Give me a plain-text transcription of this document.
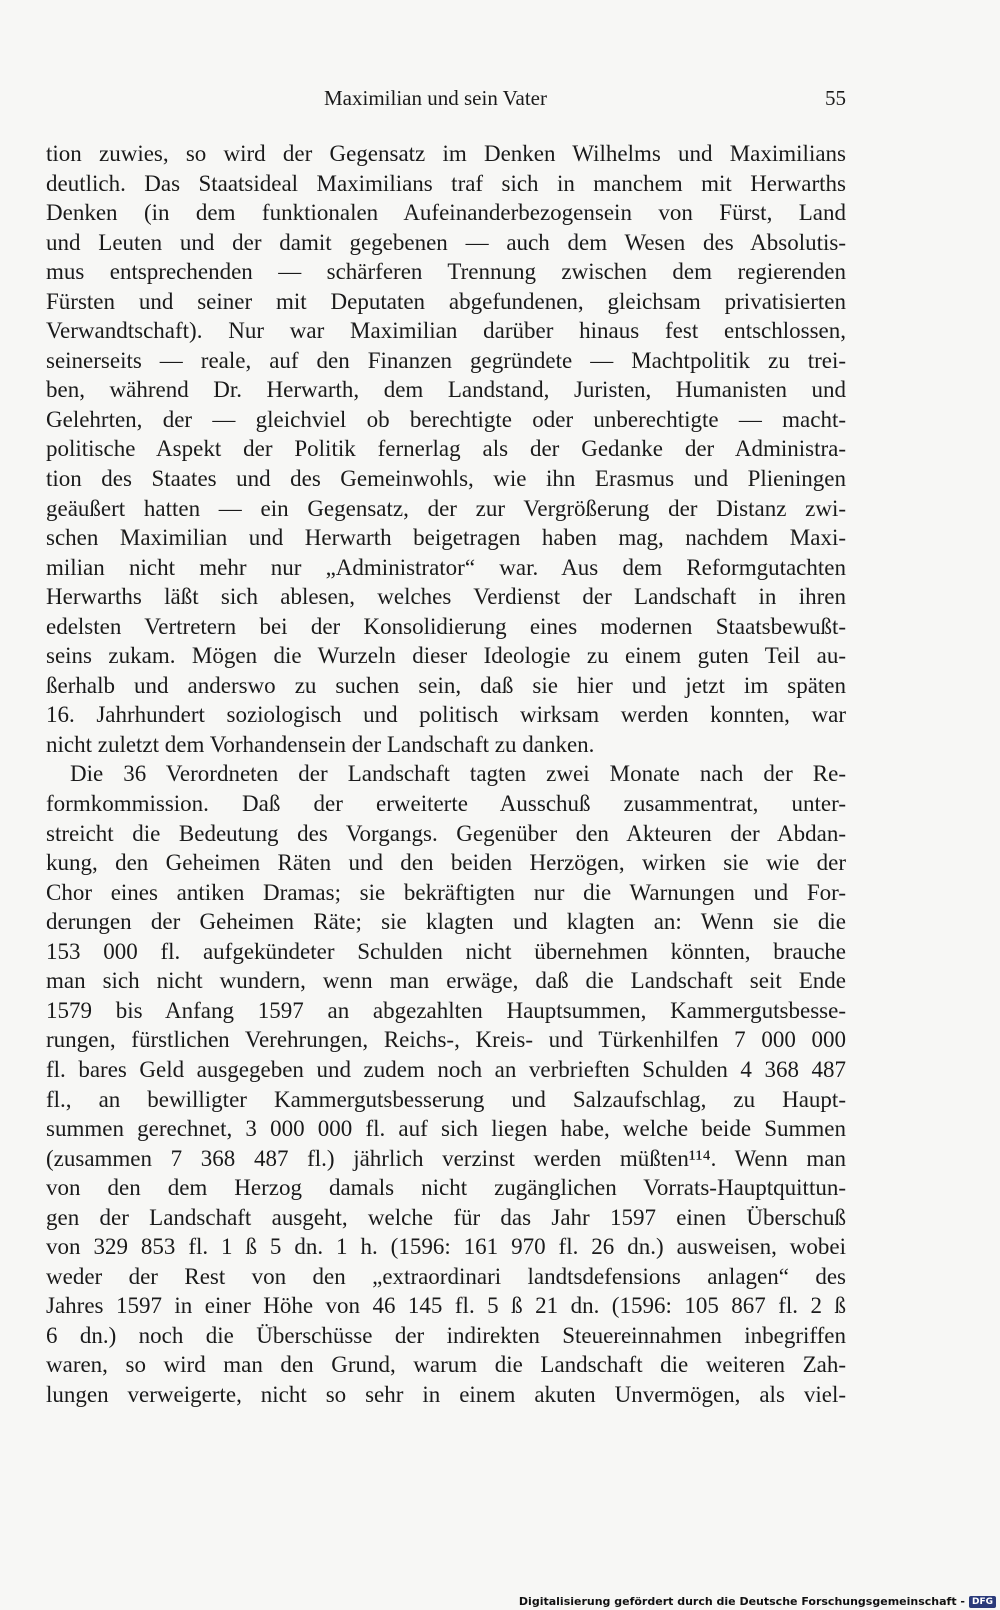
Maximilian und sein Vater	55
tion zuwies, so wird der Gegensatz im Denken Wilhelms und Maximilians
deutlich. Das Staatsideal Maximilians traf sich in manchem mit Herwarths
Denken (in dem funktionalen Aufeinanderbezogensein von Fürst, Land
und Leuten und der damit gegebenen — auch dem Wesen des Absolutis-
mus entsprechenden — schärferen Trennung zwischen dem regierenden
Fürsten und seiner mit Deputaten abgefundenen, gleichsam privatisierten
Verwandtschaft). Nur war Maximilian darüber hinaus fest entschlossen,
seinerseits — reale, auf den Finanzen gegründete — Machtpolitik zu trei-
ben, während Dr. Herwarth, dem Landstand, Juristen, Humanisten und
Gelehrten, der — gleichviel ob berechtigte oder unberechtigte — macht-
politische Aspekt der Politik fernerlag als der Gedanke der Administra-
tion des Staates und des Gemeinwohls, wie ihn Erasmus und Plieningen
geäußert hatten — ein Gegensatz, der zur Vergrößerung der Distanz zwi-
schen Maximilian und Herwarth beigetragen haben mag, nachdem Maxi-
milian nicht mehr nur „Administrator“ war. Aus dem Reformgutachten
Herwarths läßt sich ablesen, welches Verdienst der Landschaft in ihren
edelsten Vertretern bei der Konsolidierung eines modernen Staatsbewußt-
seins zukam. Mögen die Wurzeln dieser Ideologie zu einem guten Teil au-
ßerhalb und anderswo zu suchen sein, daß sie hier und jetzt im späten
16. Jahrhundert soziologisch und politisch wirksam werden konnten, war
nicht zuletzt dem Vorhandensein der Landschaft zu danken.
Die 36 Verordneten der Landschaft tagten zwei Monate nach der Re-
formkommission. Daß der erweiterte Ausschuß zusammentrat, unter-
streicht die Bedeutung des Vorgangs. Gegenüber den Akteuren der Abdan-
kung, den Geheimen Räten und den beiden Herzögen, wirken sie wie der
Chor eines antiken Dramas; sie bekräftigten nur die Warnungen und For-
derungen der Geheimen Räte; sie klagten und klagten an: Wenn sie die
153 000 fl. aufgekündeter Schulden nicht übernehmen könnten, brauche
man sich nicht wundern, wenn man erwäge, daß die Landschaft seit Ende
1579 bis Anfang 1597 an abgezahlten Hauptsummen, Kammergutsbesse-
rungen, fürstlichen Verehrungen, Reichs-, Kreis- und Türkenhilfen 7 000 000
fl. bares Geld ausgegeben und zudem noch an verbrieften Schulden 4 368 487
fl., an bewilligter Kammergutsbesserung und Salzaufschlag, zu Haupt-
summen gerechnet, 3 000 000 fl. auf sich liegen habe, welche beide Summen
(zusammen 7 368 487 fl.) jährlich verzinst werden müßten¹¹⁴. Wenn man
von den dem Herzog damals nicht zugänglichen Vorrats-Hauptquittun-
gen der Landschaft ausgeht, welche für das Jahr 1597 einen Überschuß
von 329 853 fl. 1 ß 5 dn. 1 h. (1596: 161 970 fl. 26 dn.) ausweisen, wobei
weder der Rest von den „extraordinari landtsdefensions anlagen“ des
Jahres 1597 in einer Höhe von 46 145 fl. 5 ß 21 dn. (1596: 105 867 fl. 2 ß
6 dn.) noch die Überschüsse der indirekten Steuereinnahmen inbegriffen
waren, so wird man den Grund, warum die Landschaft die weiteren Zah-
lungen verweigerte, nicht so sehr in einem akuten Unvermögen, als viel-
Digitalisierung gefördert durch die Deutsche Forschungsgemeinschaft - DFG
